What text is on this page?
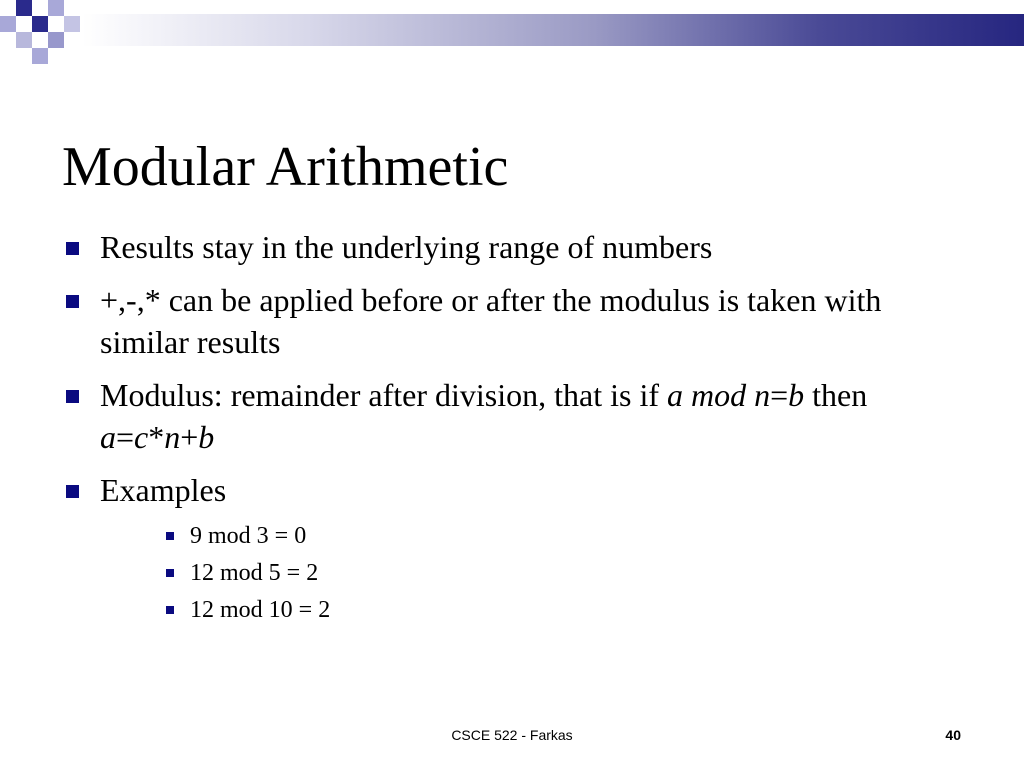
Modular Arithmetic
Results stay in the underlying range of numbers
+,-,* can be applied before or after the modulus is taken with similar results
Modulus: remainder after division, that is if a mod n=b then a=c*n+b
Examples
9 mod 3 = 0
12 mod 5 = 2
12 mod 10 = 2
CSCE 522 - Farkas	40
